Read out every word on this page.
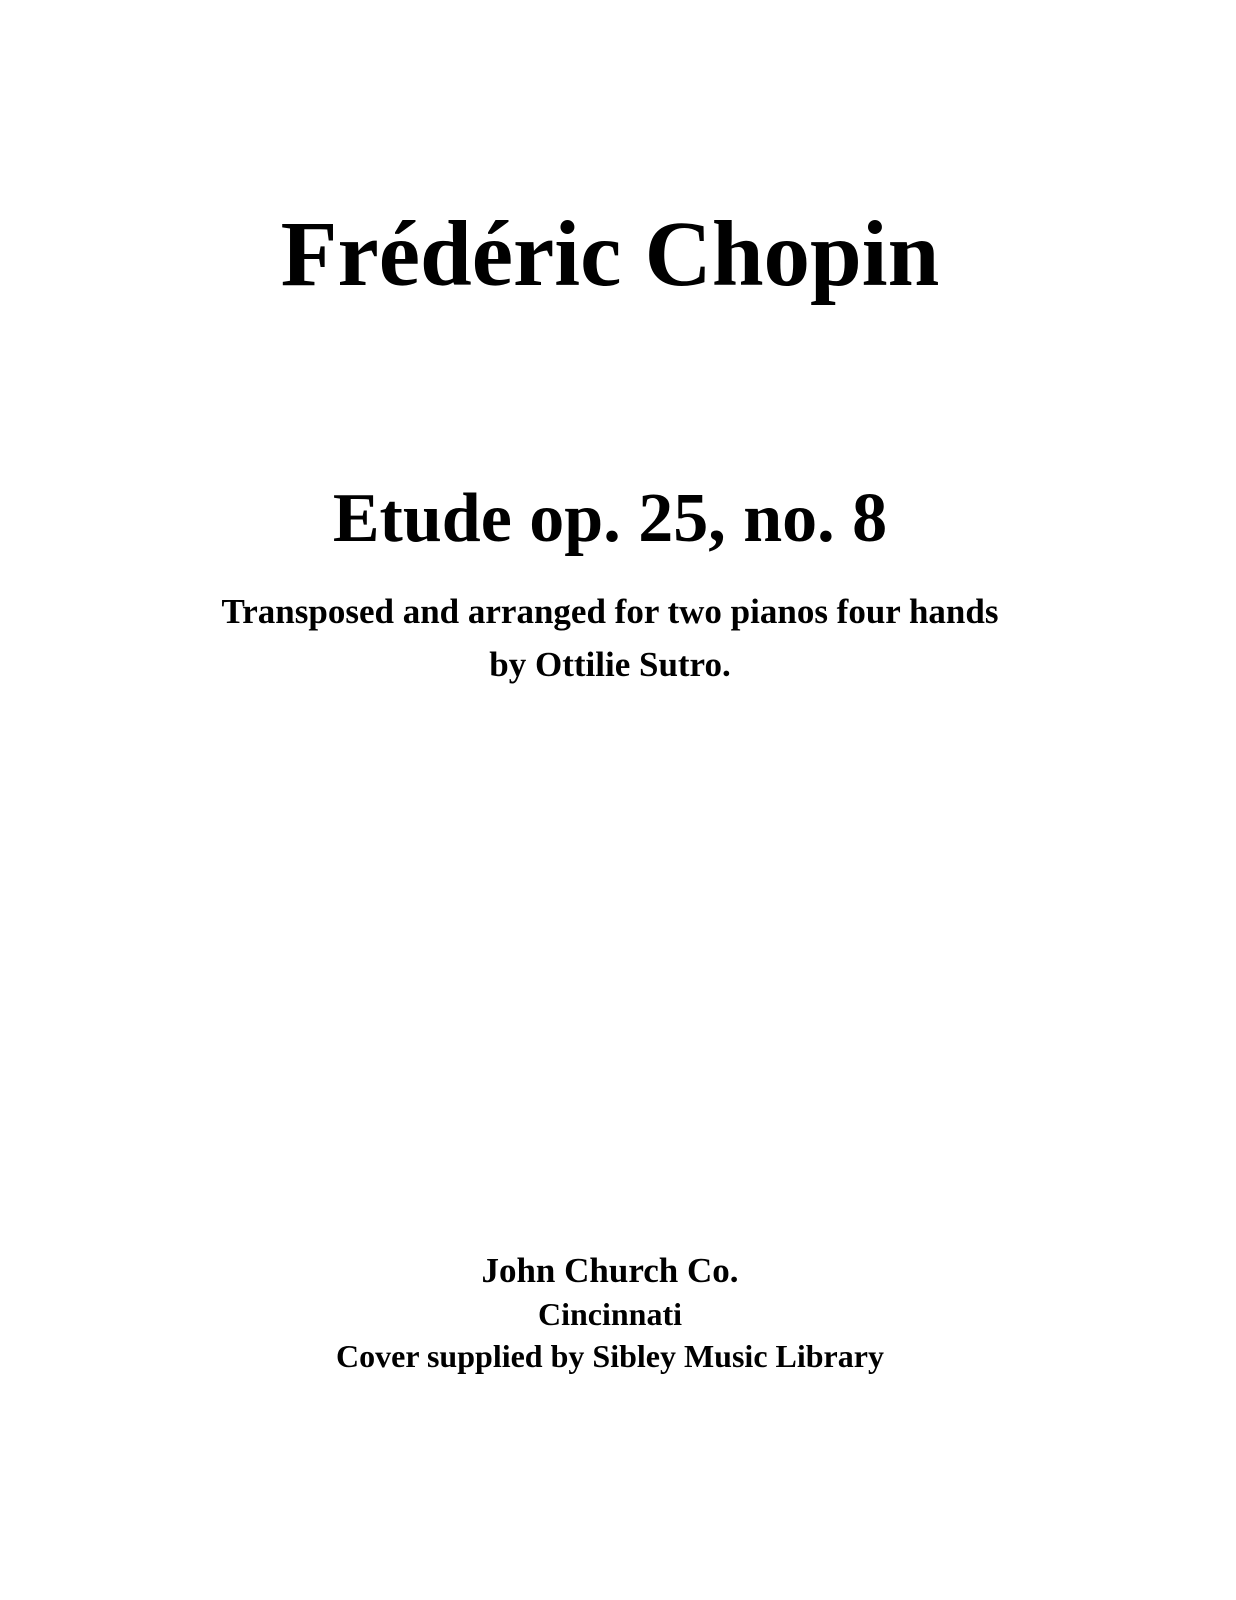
Frédéric Chopin
Etude op. 25, no. 8

Transposed and arranged for two pianos four hands

by Ottilie Sutro.

John Church Co.

Cincinnati

Cover supplied by Sibley Music Library
